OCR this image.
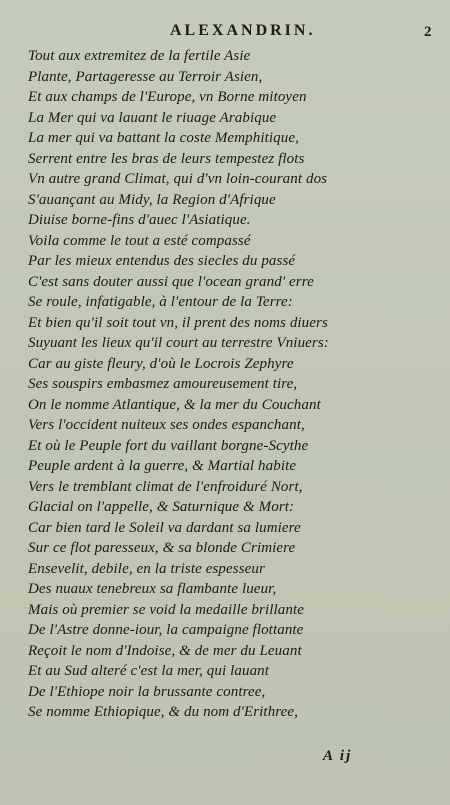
ALEXANDRIN.	2
Tout aux extremitez de la fertile Asie
Plante, Partageresse au Terroir Asien,
Et aux champs de l'Europe, vn Borne mitoyen
La Mer qui va lauant le riuage Arabique
La mer qui va battant la coste Memphitique,
Serrent entre les bras de leurs tempestez flots
Vn autre grand Climat, qui d'vn loin-courant dos
S'auançant au Midy, la Region d'Afrique
Diuise borne-fins d'auec l'Asiatique.
Voila comme le tout a esté compassé
Par les mieux entendus des siecles du passé
C'est sans douter aussi que l'ocean grand' erre
Se roule, infatigable, à l'entour de la Terre:
Et bien qu'il soit tout vn, il prent des noms diuers
Suyuant les lieux qu'il court au terrestre Vniuers:
Car au giste fleury, d'où le Locrois Zephyre
Ses souspirs embasmez amoureusement tire,
On le nomme Atlantique, & la mer du Couchant
Vers l'occident nuiteux ses ondes espanchant,
Et où le Peuple fort du vaillant borgne-Scythe
Peuple ardent à la guerre, & Martial habite
Vers le tremblant climat de l'enfroiduré Nort,
Glacial on l'appelle, & Saturnique & Mort:
Car bien tard le Soleil va dardant sa lumiere
Sur ce flot paresseux, & sa blonde Crimiere
Ensevelit, debile, en la triste espesseur
Des nuaux tenebreux sa flambante lueur,
Mais où premier se void la medaille brillante
De l'Astre donne-iour, la campaigne flottante
Reçoit le nom d'Indoise, & de mer du Leuant
Et au Sud alteré c'est la mer, qui lauant
De l'Ethiope noir la brussante contree,
Se nomme Ethiopique, & du nom d'Erithree,
A ij
